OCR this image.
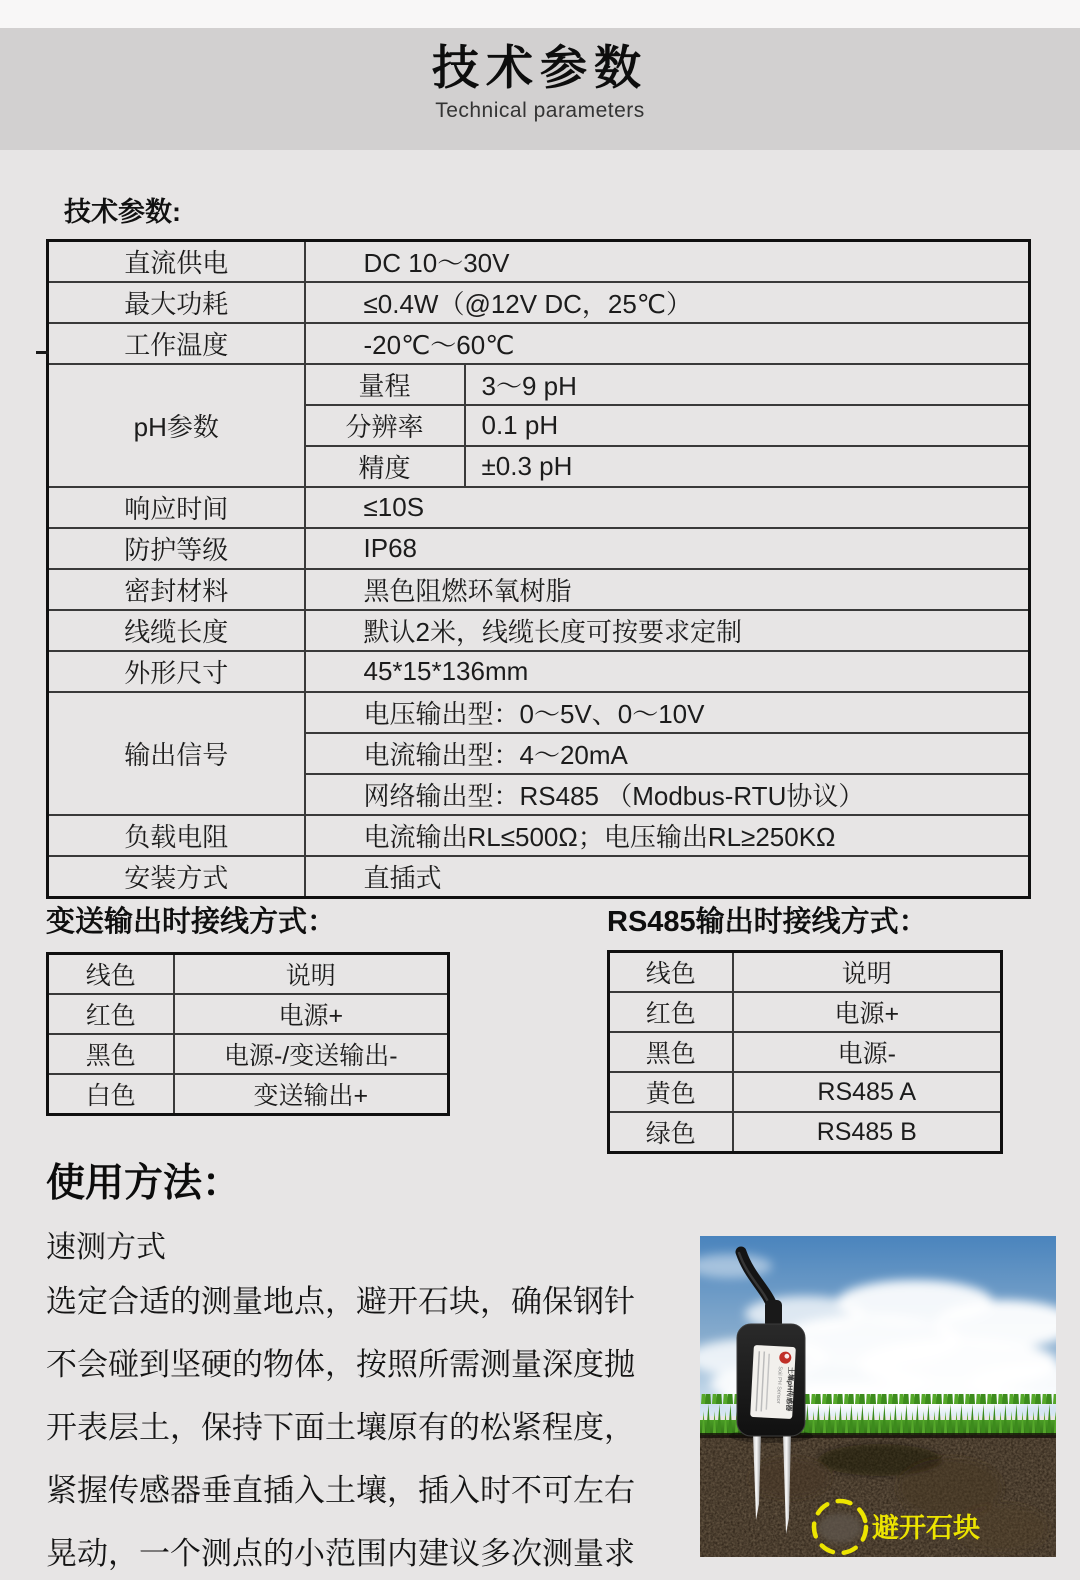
技术参数
Technical parameters
技术参数:
直流供电	DC 10～30V	
最大功耗	≤0.4W（@12V DC，25℃）	
工作温度	-20℃～60℃	
pH参数	量程	3～9 pH
	分辨率	0.1 pH
	精度	±0.3 pH
响应时间	≤10S	
防护等级	IP68	
密封材料	黑色阻燃环氧树脂	
线缆长度	默认2米，线缆长度可按要求定制	
外形尺寸	45*15*136mm	
输出信号	电压输出型：0～5V、0～10V	
	电流输出型：4～20mA	
	网络输出型：RS485 （Modbus-RTU协议）	
负载电阻	电流输出RL≤500Ω；电压输出RL≥250KΩ	
安装方式	直插式	
变送输出时接线方式：	RS485输出时接线方式：
线色	说明
红色	电源+
黑色	电源-/变送输出-
白色	变送输出+
线色	说明
红色	电源+
黑色	电源-
黄色	RS485 A
绿色	RS485 B
使用方法：
速测方式
选定合适的测量地点，避开石块，确保钢针
不会碰到坚硬的物体，按照所需测量深度抛
开表层土，保持下面土壤原有的松紧程度，
紧握传感器垂直插入土壤，插入时不可左右
晃动，一个测点的小范围内建议多次测量求
土壤pH传感器
Soil PH Sensor
避开石块
